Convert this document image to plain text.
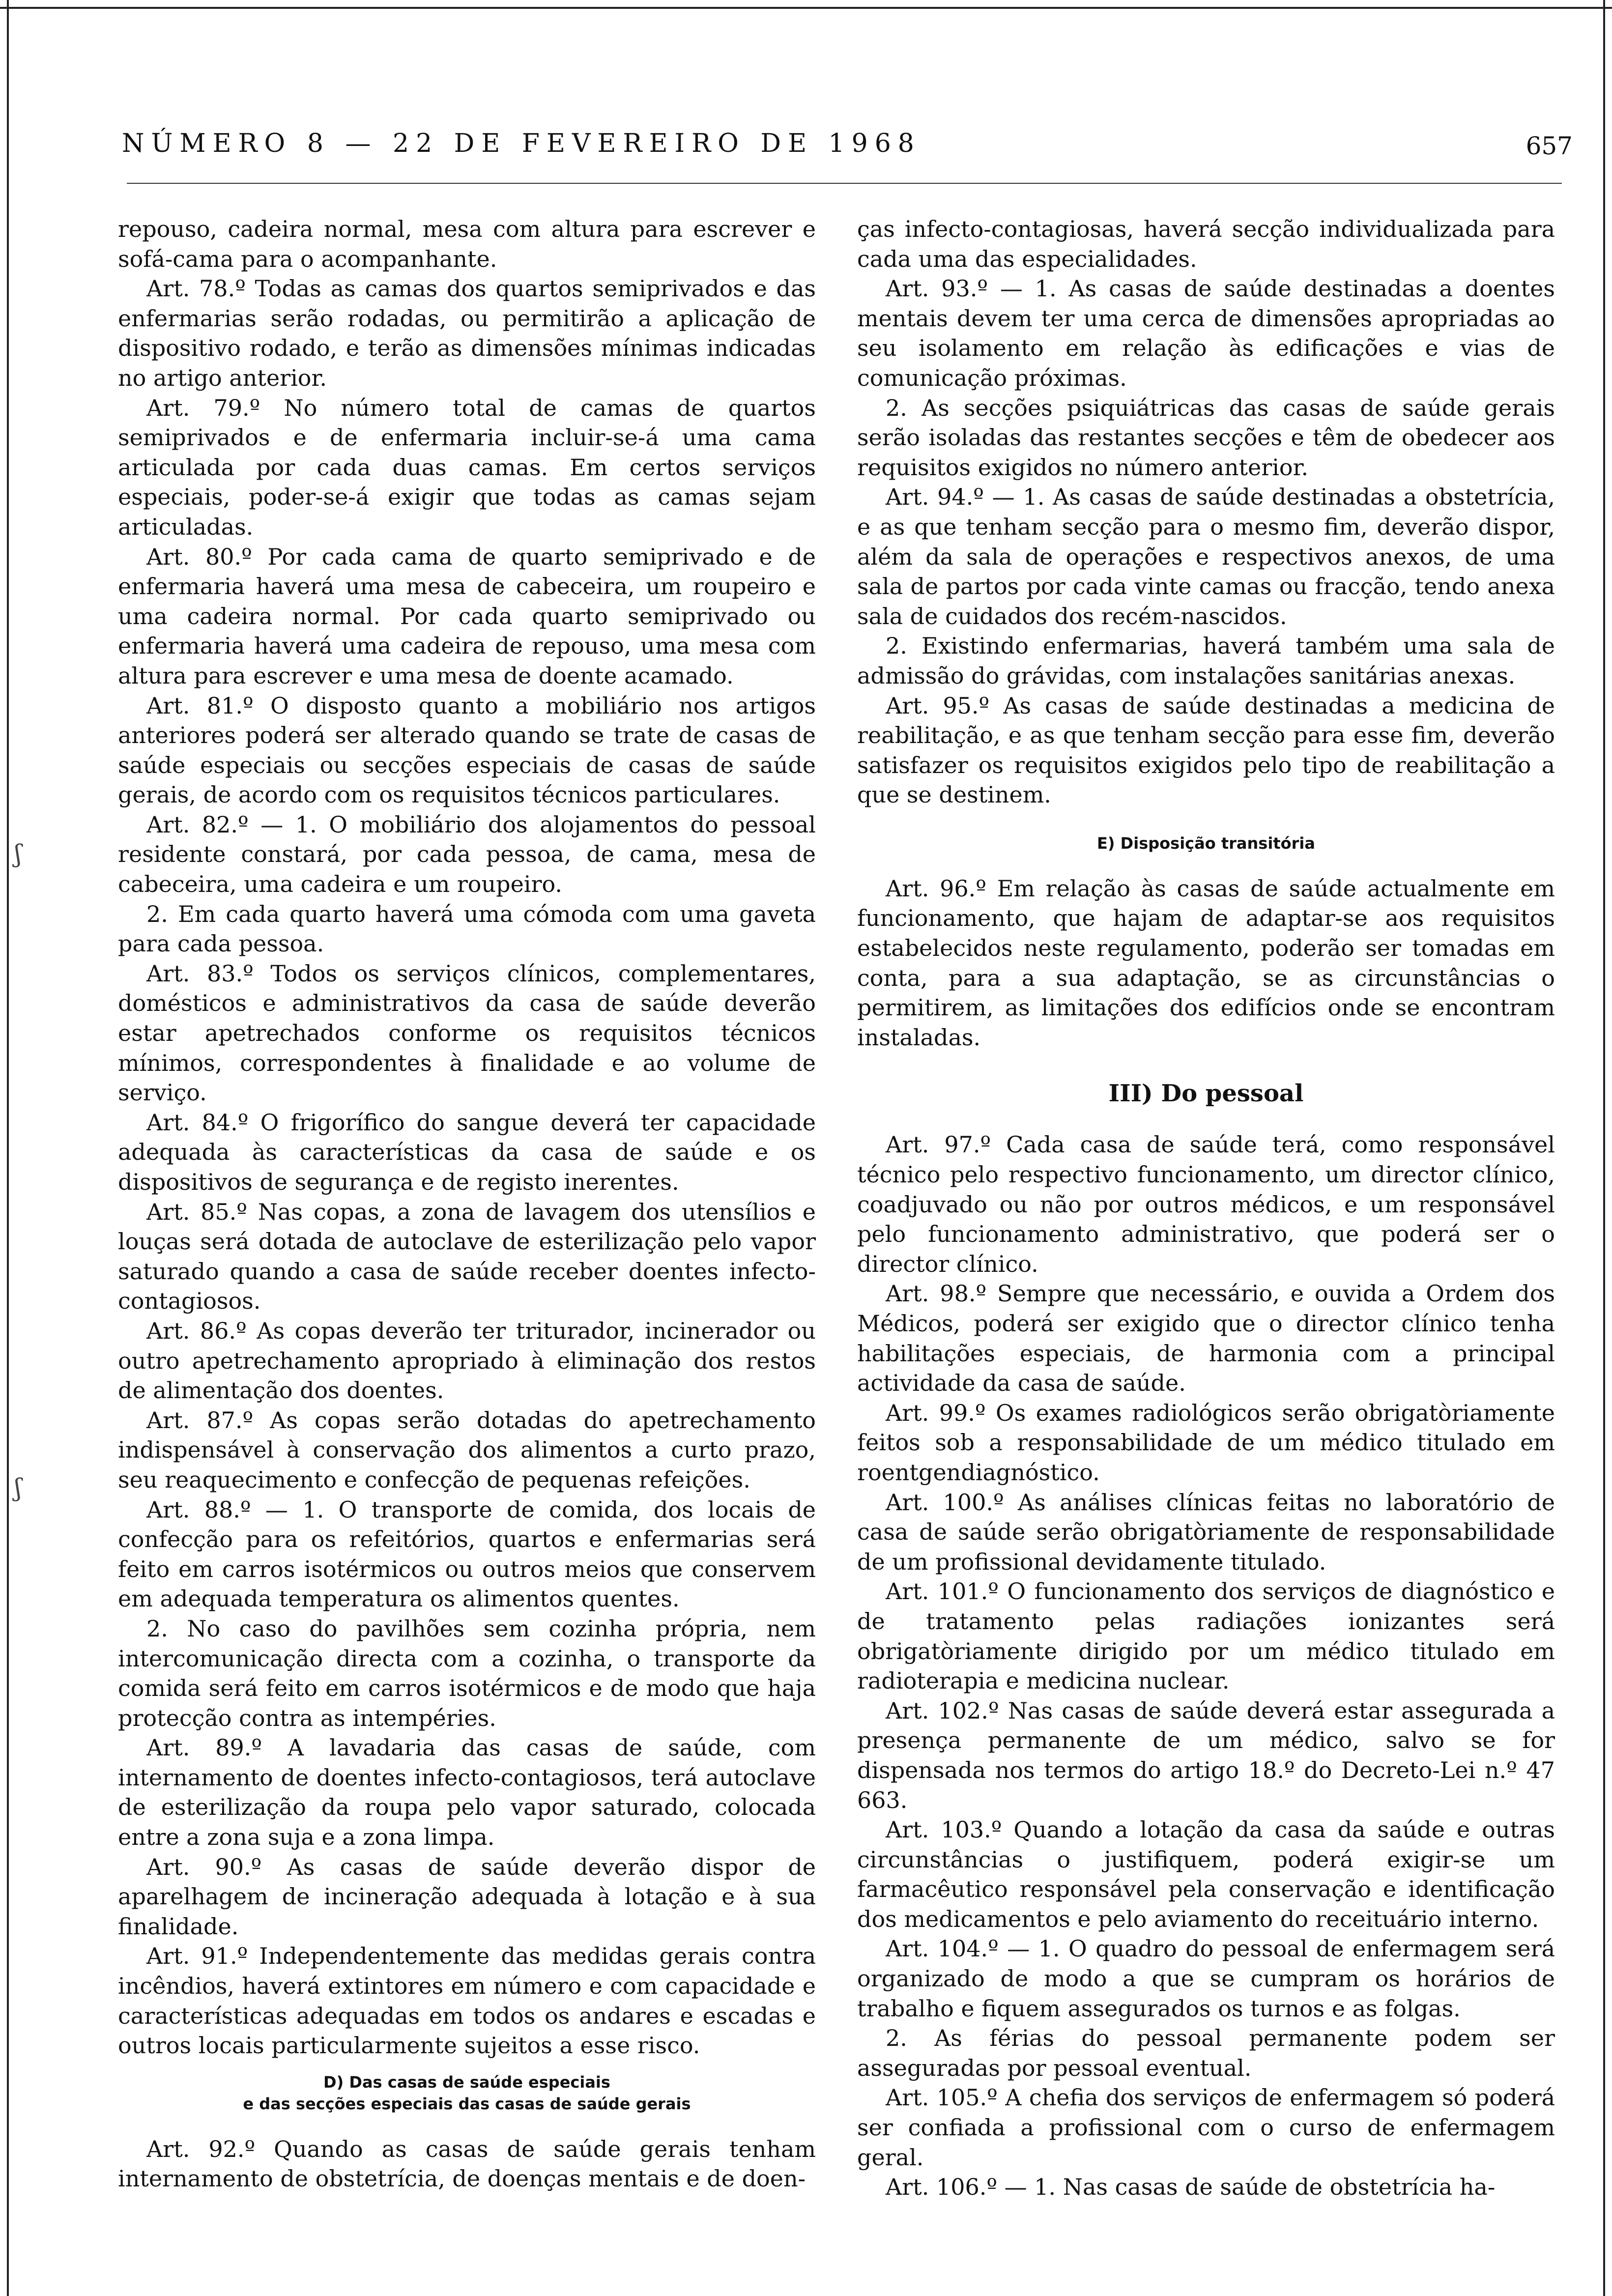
NÚMERO 8 — 22 DE FEVEREIRO DE 1968	657
ʃ
ʃ

repouso, cadeira normal, mesa com altura para escrever e sofá-cama para o acompanhante.

Art. 78.º Todas as camas dos quartos semiprivados e das enfermarias serão rodadas, ou permitirão a aplicação de dispositivo rodado, e terão as dimensões mínimas indicadas no artigo anterior.

Art. 79.º No número total de camas de quartos semiprivados e de enfermaria incluir-se-á uma cama articulada por cada duas camas. Em certos serviços especiais, poder-se-á exigir que todas as camas sejam articuladas.

Art. 80.º Por cada cama de quarto semiprivado e de enfermaria haverá uma mesa de cabeceira, um roupeiro e uma cadeira normal. Por cada quarto semiprivado ou enfermaria haverá uma cadeira de repouso, uma mesa com altura para escrever e uma mesa de doente acamado.

Art. 81.º O disposto quanto a mobiliário nos artigos anteriores poderá ser alterado quando se trate de casas de saúde especiais ou secções especiais de casas de saúde gerais, de acordo com os requisitos técnicos particulares.

Art. 82.º — 1. O mobiliário dos alojamentos do pessoal residente constará, por cada pessoa, de cama, mesa de cabeceira, uma cadeira e um roupeiro.

2. Em cada quarto haverá uma cómoda com uma gaveta para cada pessoa.

Art. 83.º Todos os serviços clínicos, complementares, domésticos e administrativos da casa de saúde deverão estar apetrechados conforme os requisitos técnicos mínimos, correspondentes à finalidade e ao volume de serviço.

Art. 84.º O frigorífico do sangue deverá ter capacidade adequada às características da casa de saúde e os dispositivos de segurança e de registo inerentes.

Art. 85.º Nas copas, a zona de lavagem dos utensílios e louças será dotada de autoclave de esterilização pelo vapor saturado quando a casa de saúde receber doentes infecto-contagiosos.

Art. 86.º As copas deverão ter triturador, incinerador ou outro apetrechamento apropriado à eliminação dos restos de alimentação dos doentes.

Art. 87.º As copas serão dotadas do apetrechamento indispensável à conservação dos alimentos a curto prazo, seu reaquecimento e confecção de pequenas refeições.

Art. 88.º — 1. O transporte de comida, dos locais de confecção para os refeitórios, quartos e enfermarias será feito em carros isotérmicos ou outros meios que conservem em adequada temperatura os alimentos quentes.

2. No caso do pavilhões sem cozinha própria, nem intercomunicação directa com a cozinha, o transporte da comida será feito em carros isotérmicos e de modo que haja protecção contra as intempéries.

Art. 89.º A lavadaria das casas de saúde, com internamento de doentes infecto-contagiosos, terá autoclave de esterilização da roupa pelo vapor saturado, colocada entre a zona suja e a zona limpa.

Art. 90.º As casas de saúde deverão dispor de aparelhagem de incineração adequada à lotação e à sua finalidade.

Art. 91.º Independentemente das medidas gerais contra incêndios, haverá extintores em número e com capacidade e características adequadas em todos os andares e escadas e outros locais particularmente sujeitos a esse risco.

D) Das casas de saúde especiais
e das secções especiais das casas de saúde gerais

Art. 92.º Quando as casas de saúde gerais tenham internamento de obstetrícia, de doenças mentais e de doen-

ças infecto-contagiosas, haverá secção individualizada para cada uma das especialidades.

Art. 93.º — 1. As casas de saúde destinadas a doentes mentais devem ter uma cerca de dimensões apropriadas ao seu isolamento em relação às edificações e vias de comunicação próximas.

2. As secções psiquiátricas das casas de saúde gerais serão isoladas das restantes secções e têm de obedecer aos requisitos exigidos no número anterior.

Art. 94.º — 1. As casas de saúde destinadas a obstetrícia, e as que tenham secção para o mesmo fim, deverão dispor, além da sala de operações e respectivos anexos, de uma sala de partos por cada vinte camas ou fracção, tendo anexa sala de cuidados dos recém-nascidos.

2. Existindo enfermarias, haverá também uma sala de admissão do grávidas, com instalações sanitárias anexas.

Art. 95.º As casas de saúde destinadas a medicina de reabilitação, e as que tenham secção para esse fim, deverão satisfazer os requisitos exigidos pelo tipo de reabilitação a que se destinem.

E) Disposição transitória

Art. 96.º Em relação às casas de saúde actualmente em funcionamento, que hajam de adaptar-se aos requisitos estabelecidos neste regulamento, poderão ser tomadas em conta, para a sua adaptação, se as circunstâncias o permitirem, as limitações dos edifícios onde se encontram instaladas.

III) Do pessoal

Art. 97.º Cada casa de saúde terá, como responsável técnico pelo respectivo funcionamento, um director clínico, coadjuvado ou não por outros médicos, e um responsável pelo funcionamento administrativo, que poderá ser o director clínico.

Art. 98.º Sempre que necessário, e ouvida a Ordem dos Médicos, poderá ser exigido que o director clínico tenha habilitações especiais, de harmonia com a principal actividade da casa de saúde.

Art. 99.º Os exames radiológicos serão obrigatòriamente feitos sob a responsabilidade de um médico titulado em roentgendiagnóstico.

Art. 100.º As análises clínicas feitas no laboratório de casa de saúde serão obrigatòriamente de responsabilidade de um profissional devidamente titulado.

Art. 101.º O funcionamento dos serviços de diagnóstico e de tratamento pelas radiações ionizantes será obrigatòriamente dirigido por um médico titulado em radioterapia e medicina nuclear.

Art. 102.º Nas casas de saúde deverá estar assegurada a presença permanente de um médico, salvo se for dispensada nos termos do artigo 18.º do Decreto-Lei n.º 47 663.

Art. 103.º Quando a lotação da casa da saúde e outras circunstâncias o justifiquem, poderá exigir-se um farmacêutico responsável pela conservação e identificação dos medicamentos e pelo aviamento do receituário interno.

Art. 104.º — 1. O quadro do pessoal de enfermagem será organizado de modo a que se cumpram os horários de trabalho e fiquem assegurados os turnos e as folgas.

2. As férias do pessoal permanente podem ser asseguradas por pessoal eventual.

Art. 105.º A chefia dos serviços de enfermagem só poderá ser confiada a profissional com o curso de enfermagem geral.

Art. 106.º — 1. Nas casas de saúde de obstetrícia ha-
